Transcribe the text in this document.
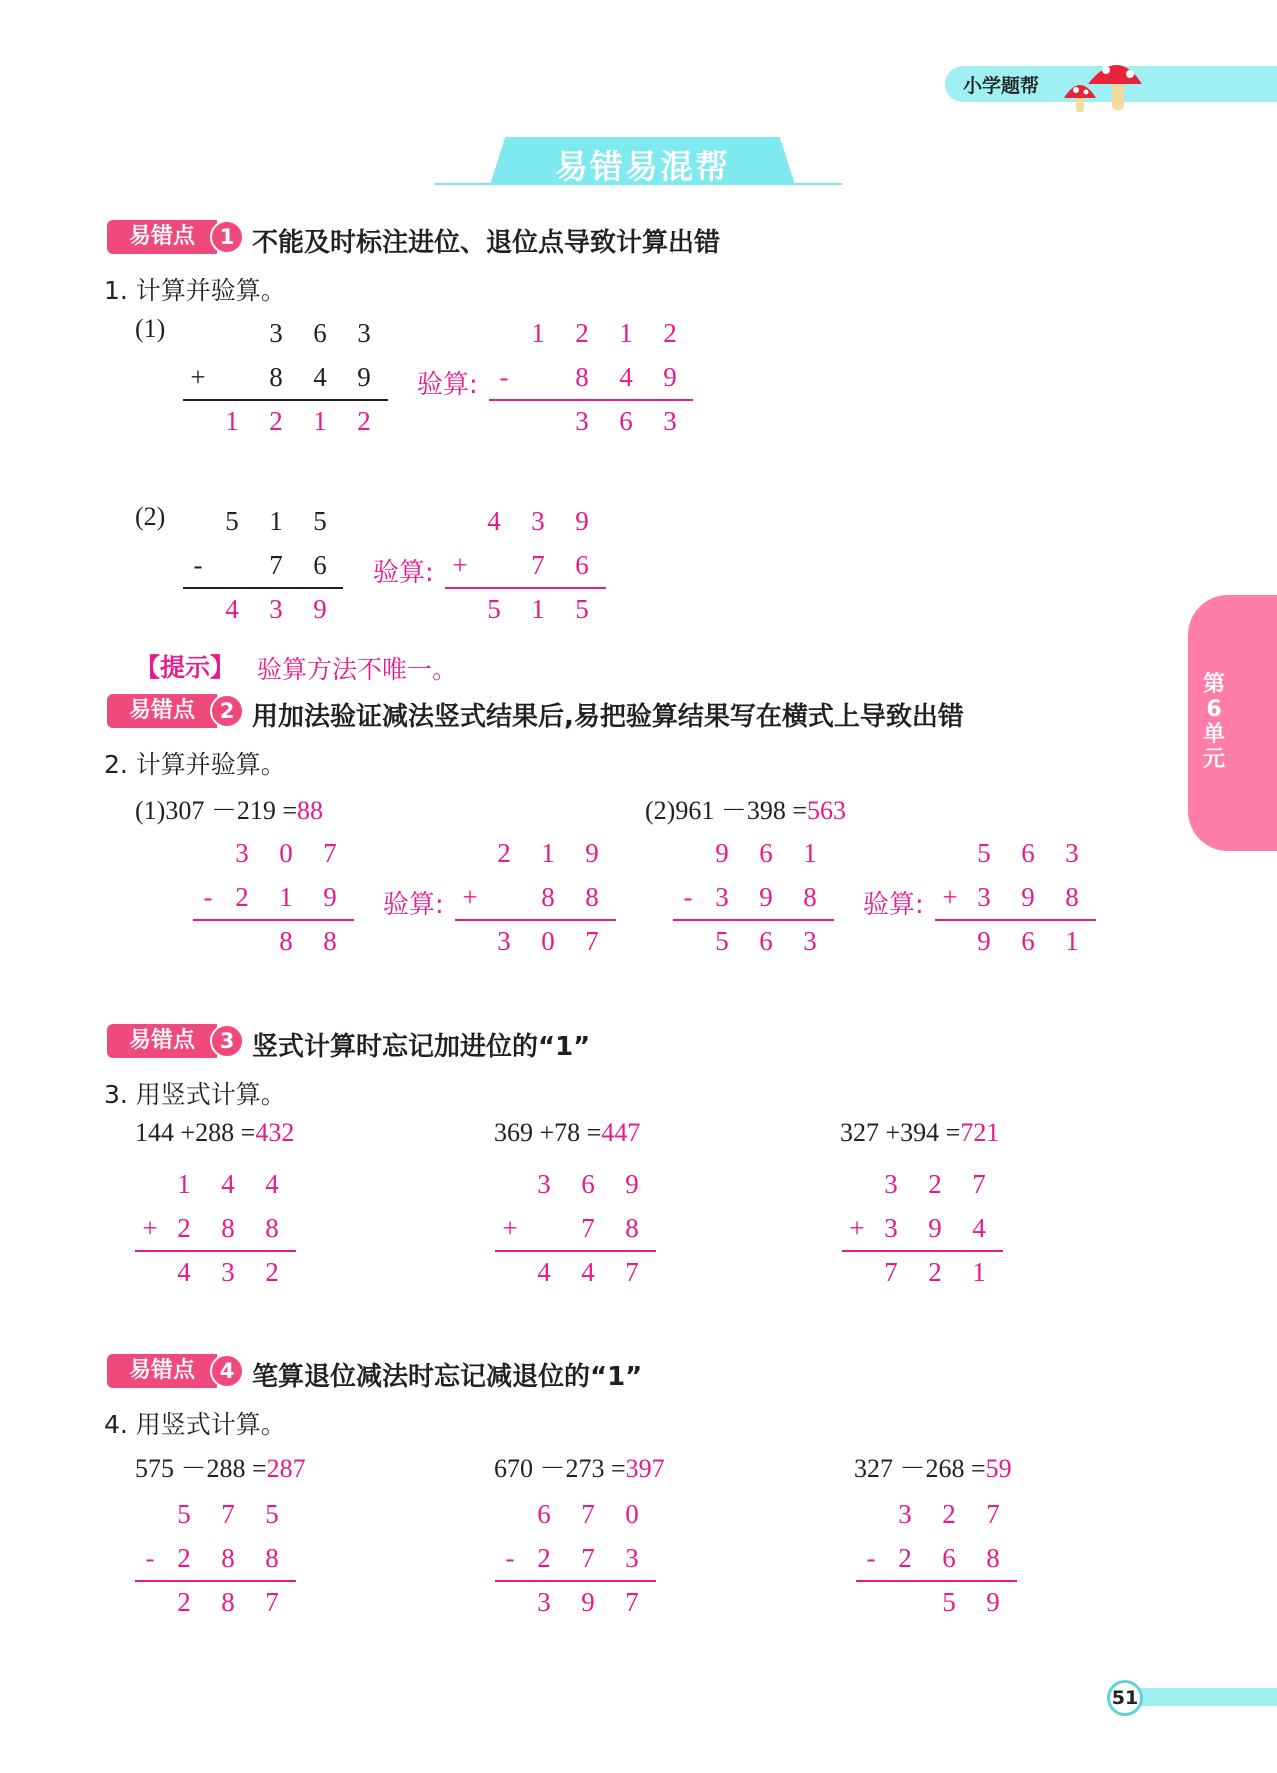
小学题帮
易错易混帮
第6单元
易错点	1 不能及时标注进位、退位点导致计算出错
1. 计算并验算。
(1)	3 6 3
+ 8 4 9
1 2 1 2
验算:
1 2 1 2
-	8 4 9
3 6 3
(2) 5 1 5
-	7 6
4 3 9
验算:
4 3 9
+ 7 6
5 1 5
【提示】 验算方法不唯一。
易错点	2 用加法验证减法竖式结果后,易把验算结果写在横式上导致出错
2. 计算并验算。
(1)307 －219 =88	(2)961 －398 =563
3 0 7
- 2 1 9
8 8
验算:
2 1 9
+ 8 8
3 0 7
9 6 1
- 3 9 8
5 6 3
验算:
5 6 3
+ 3 9 8
9 6 1
易错点	3 竖式计算时忘记加进位的“1”
3. 用竖式计算。
144 +288 =432	369 +78 =447	327 +394 =721
1 4 4
+ 2 8 8
4 3 2
3 6 9
+ 7 8
4 4 7
3 2 7
+ 3 9 4
7 2 1
易错点	4 笔算退位减法时忘记减退位的“1”
4. 用竖式计算。
575 －288 =287	670 －273 =397	327 －268 =59
5 7 5
- 2 8 8
2 8 7
6 7 0
- 2 7 3
3 9 7
3 2 7
- 2 6 8
5 9
51
